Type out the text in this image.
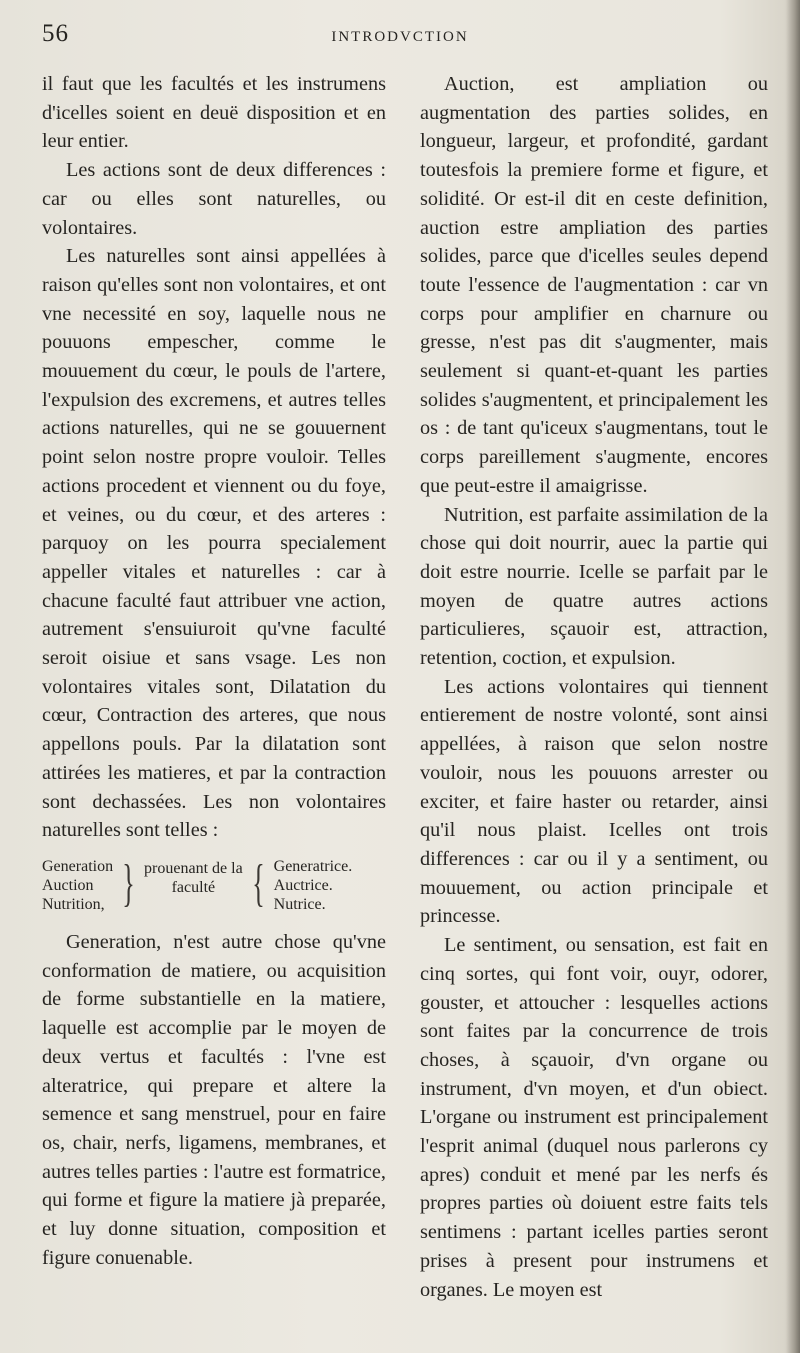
56	INTRODVCTION

il faut que les facultés et les instrumens d'icelles soient en deuë disposition et en leur entier.

Les actions sont de deux differences : car ou elles sont naturelles, ou volontaires.

Les naturelles sont ainsi appellées à raison qu'elles sont non volontaires, et ont vne necessité en soy, laquelle nous ne pouuons empescher, comme le mouuement du cœur, le pouls de l'artere, l'expulsion des excremens, et autres telles actions naturelles, qui ne se gouuernent point selon nostre propre vouloir. Telles actions procedent et viennent ou du foye, et veines, ou du cœur, et des arteres : parquoy on les pourra specialement appeller vitales et naturelles : car à chacune faculté faut attribuer vne action, autrement s'ensuiuroit qu'vne faculté seroit oisiue et sans vsage. Les non volontaires vitales sont, Dilatation du cœur, Contraction des arteres, que nous appellons pouls. Par la dilatation sont attirées les matieres, et par la contraction sont dechassées. Les non volontaires naturelles sont telles :

Generation
Auction
Nutrition, } prouenant de la
faculté { Generatrice.
Auctrice.
Nutrice.

Generation, n'est autre chose qu'vne conformation de matiere, ou acquisition de forme substantielle en la matiere, laquelle est accomplie par le moyen de deux vertus et facultés : l'vne est alteratrice, qui prepare et altere la semence et sang menstruel, pour en faire os, chair, nerfs, ligamens, membranes, et autres telles parties : l'autre est formatrice, qui forme et figure la matiere jà preparée, et luy donne situation, composition et figure conuenable.

Auction, est ampliation ou augmentation des parties solides, en longueur, largeur, et profondité, gardant toutesfois la premiere forme et figure, et solidité. Or est-il dit en ceste definition, auction estre ampliation des parties solides, parce que d'icelles seules depend toute l'essence de l'augmentation : car vn corps pour amplifier en charnure ou gresse, n'est pas dit s'augmenter, mais seulement si quant-et-quant les parties solides s'augmentent, et principalement les os : de tant qu'iceux s'augmentans, tout le corps pareillement s'augmente, encores que peut-estre il amaigrisse.

Nutrition, est parfaite assimilation de la chose qui doit nourrir, auec la partie qui doit estre nourrie. Icelle se parfait par le moyen de quatre autres actions particulieres, sçauoir est, attraction, retention, coction, et expulsion.

Les actions volontaires qui tiennent entierement de nostre volonté, sont ainsi appellées, à raison que selon nostre vouloir, nous les pouuons arrester ou exciter, et faire haster ou retarder, ainsi qu'il nous plaist. Icelles ont trois differences : car ou il y a sentiment, ou mouuement, ou action principale et princesse.

Le sentiment, ou sensation, est fait en cinq sortes, qui font voir, ouyr, odorer, gouster, et attoucher : lesquelles actions sont faites par la concurrence de trois choses, à sçauoir, d'vn organe ou instrument, d'vn moyen, et d'un obiect. L'organe ou instrument est principalement l'esprit animal (duquel nous parlerons cy apres) conduit et mené par les nerfs és propres parties où doiuent estre faits tels sentimens : partant icelles parties seront prises à present pour instrumens et organes. Le moyen est
